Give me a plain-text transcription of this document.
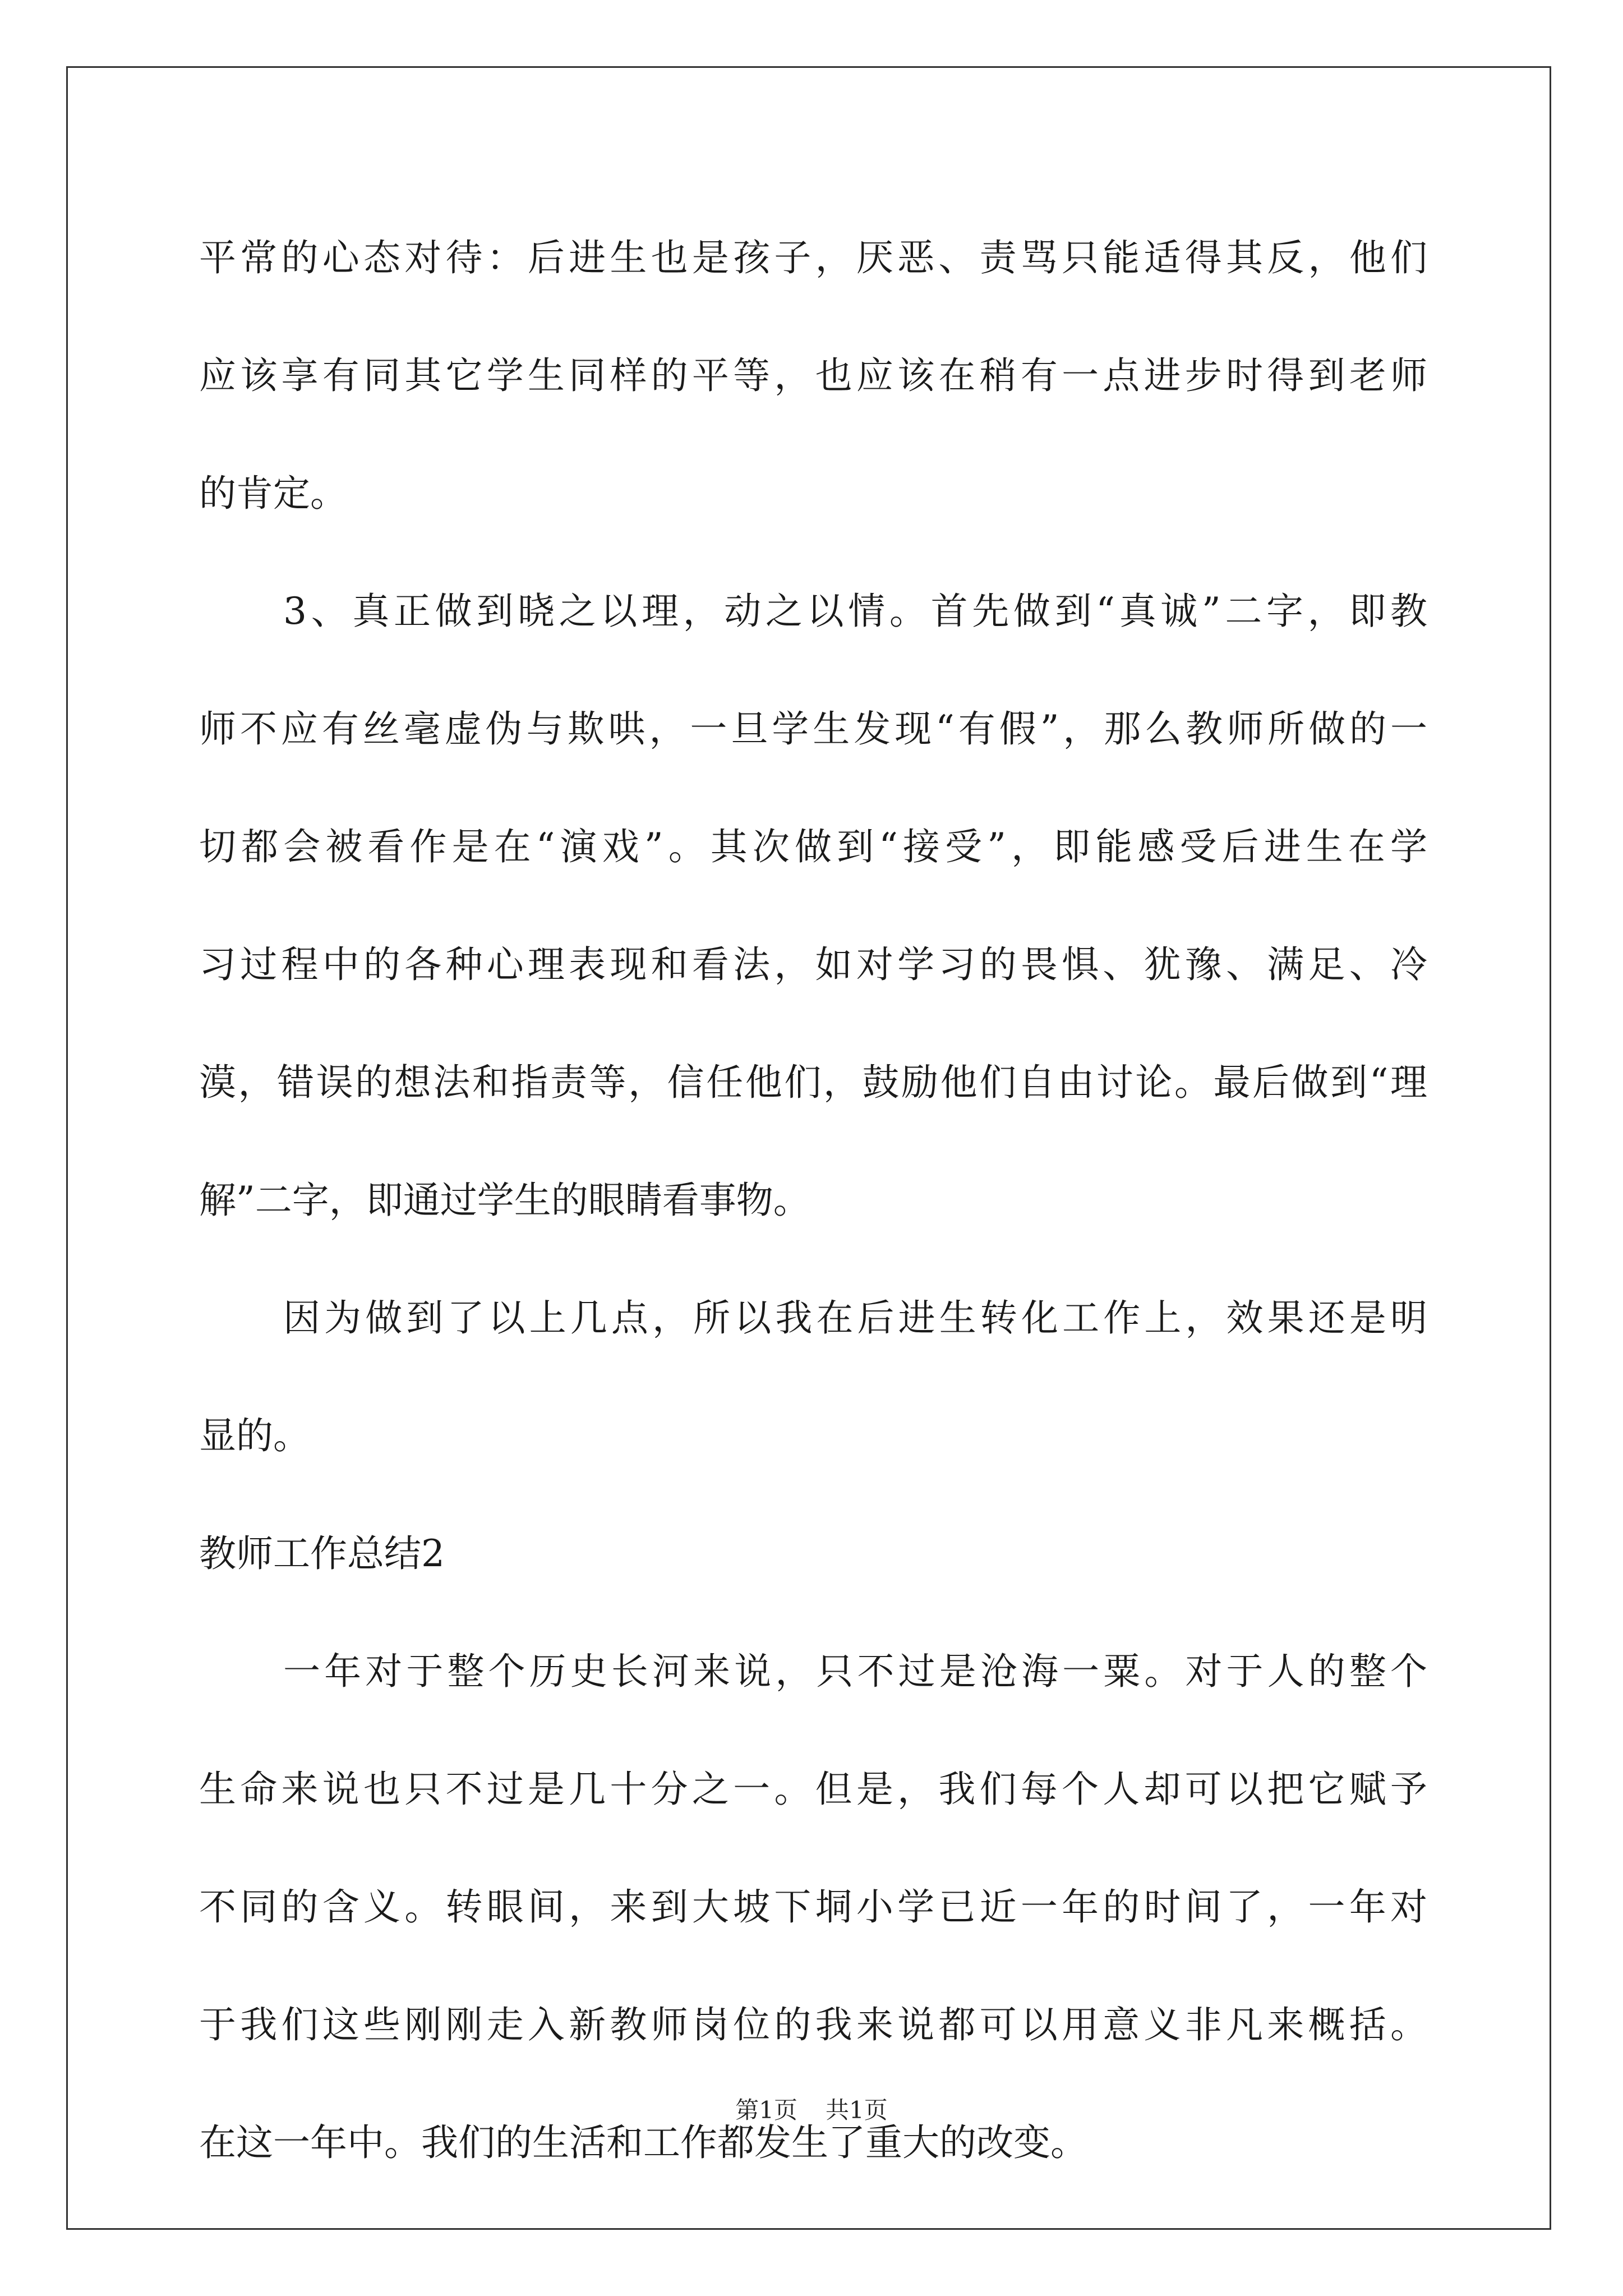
平常的心态对待：后进生也是孩子，厌恶、责骂只能适得其反，他们
应该享有同其它学生同样的平等，也应该在稍有一点进步时得到老师
的肯定。
3、真正做到晓之以理，动之以情。首先做到“真诚”二字，即教
师不应有丝毫虚伪与欺哄，一旦学生发现“有假”，那么教师所做的一
切都会被看作是在“演戏”。其次做到“接受”，即能感受后进生在学
习过程中的各种心理表现和看法，如对学习的畏惧、犹豫、满足、冷
漠，错误的想法和指责等，信任他们，鼓励他们自由讨论。最后做到“理
解”二字，即通过学生的眼睛看事物。
因为做到了以上几点，所以我在后进生转化工作上，效果还是明
显的。
教师工作总结2
一年对于整个历史长河来说，只不过是沧海一粟。对于人的整个
生命来说也只不过是几十分之一。但是，我们每个人却可以把它赋予
不同的含义。转眼间，来到大坡下垌小学已近一年的时间了，一年对
于我们这些刚刚走入新教师岗位的我来说都可以用意义非凡来概括。
在这一年中。我们的生活和工作都发生了重大的改变。
第1页 共1页
